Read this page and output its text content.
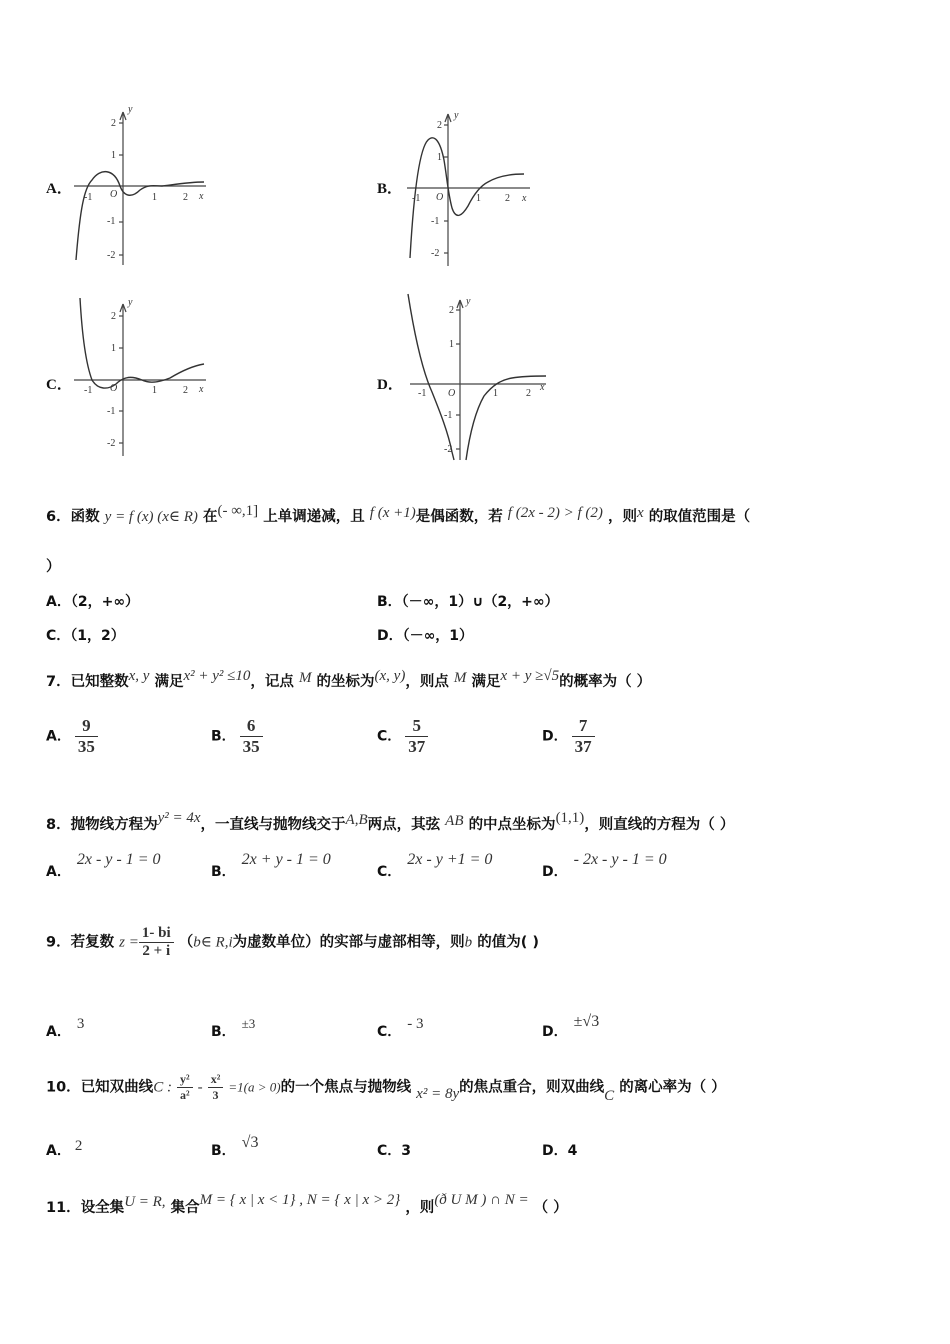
A．	B．
C．	D．
y
2
1
-1
-2
O
-1	1	2 x
y
2
1
-1
-2
O
-1	1 2 x
y
2
1
-1
-2
O
-1	1	2 x
y
2
1
-1
-2
O
-1	1	2
x
6．函数 y = f (x) (x∈ R) 在(- ∞,1] 上单调递减，且 f (x +1)是偶函数，若 f (2x - 2) > f (2) ，则x 的取值范围是（
）
A．（2，+∞）	B．（－∞，1）∪（2，+∞）
C．（1，2）	D．（－∞，1）
7．已知整数x, y 满足x² + y² ≤10，记点 M 的坐标为(x, y)，则点 M 满足x + y ≥√5的概率为（ ）
A． $\frac{9}{35}$	B． $\frac{6}{35}$	C． $\frac{5}{37}$	D． $\frac{7}{37}$
8．抛物线方程为y² = 4x，一直线与抛物线交于A,B两点，其弦 AB 的中点坐标为(1,1)，则直线的方程为（ ）
A．2x - y - 1 = 0
B．2x + y - 1 = 0
C．2x - y +1 = 0
D．- 2x - y - 1 = 0
9．若复数 $z = \frac{1- bi}{2 + i}$ （b∈ R,i为虚数单位）的实部与虚部相等，则b 的值为( )
A． 3	B．±3
C． - 3	D．±√3
10．已知双曲线C : $\frac{\text{y²}}{\text{a²}} - \frac{\text{x²}}{3} =1(a > 0)$的一个焦点与抛物线 x² = 8y的焦点重合，则双曲线C 的离心率为（ ）
A． 2	B． √3	C．3	D．4
11．设全集U = R, 集合M = { x | x < 1} , N = { x | x > 2} ，则(ð U M ) ∩ N = （ ）
